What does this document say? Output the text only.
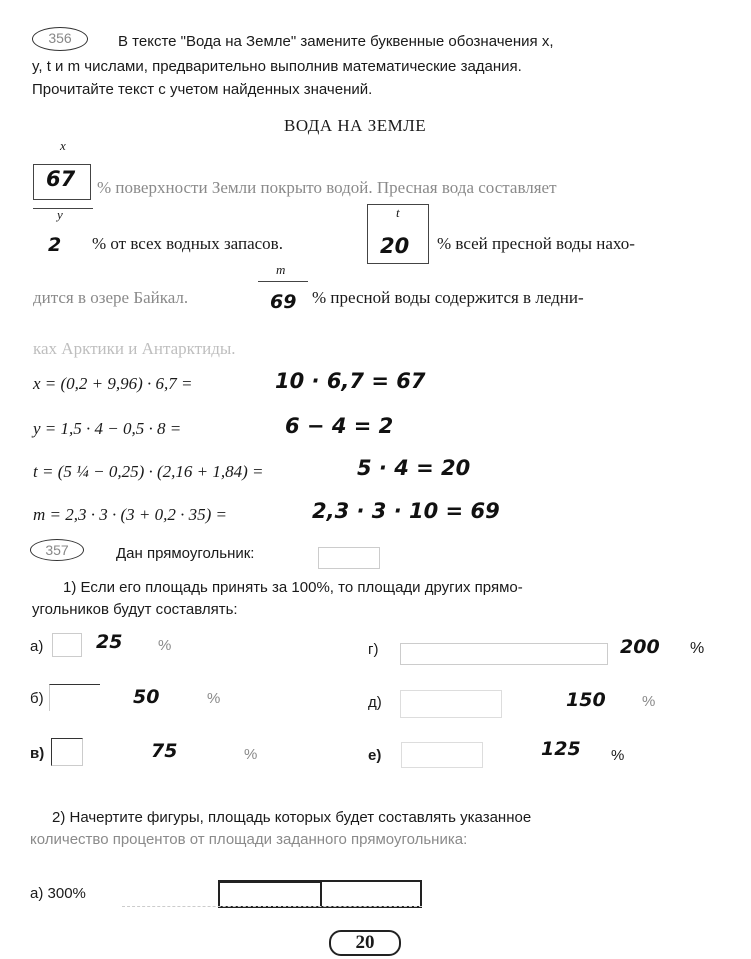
356	В тексте "Вода на Земле" замените буквенные обозначения x,
y, t и m числами, предварительно выполнив математические задания.
Прочитайте текст с учетом найденных значений.
ВОДА НА ЗЕМЛЕ
x
67 % поверхности Земли покрыто водой. Пресная вода составляет
y
2 % от всех водных запасов.
t
20 % всей пресной воды нахо-
дится в озере Байкал.
m
69 % пресной воды содержится в ледни-
ках Арктики и Антарктиды.
x = (0,2 + 9,96) · 6,7 =	10 · 6,7 = 67
y = 1,5 · 4 − 0,5 · 8 =	6 − 4 = 2
t = (5 ¼ − 0,25) · (2,16 + 1,84) =	5 · 4 = 20
m = 2,3 · 3 · (3 + 0,2 · 35) =	2,3 · 3 · 10 = 69
357	Дан прямоугольник:
1) Если его площадь принять за 100%, то площади других прямо-
угольников будут составлять:
а)	25 %
б)	50	%
в)	75	%
г)	200 %
д)	150 %
е)	125 %
2) Начертите фигуры, площадь которых будет составлять указанное
количество процентов от площади заданного прямоугольника:
а) 300%
20
